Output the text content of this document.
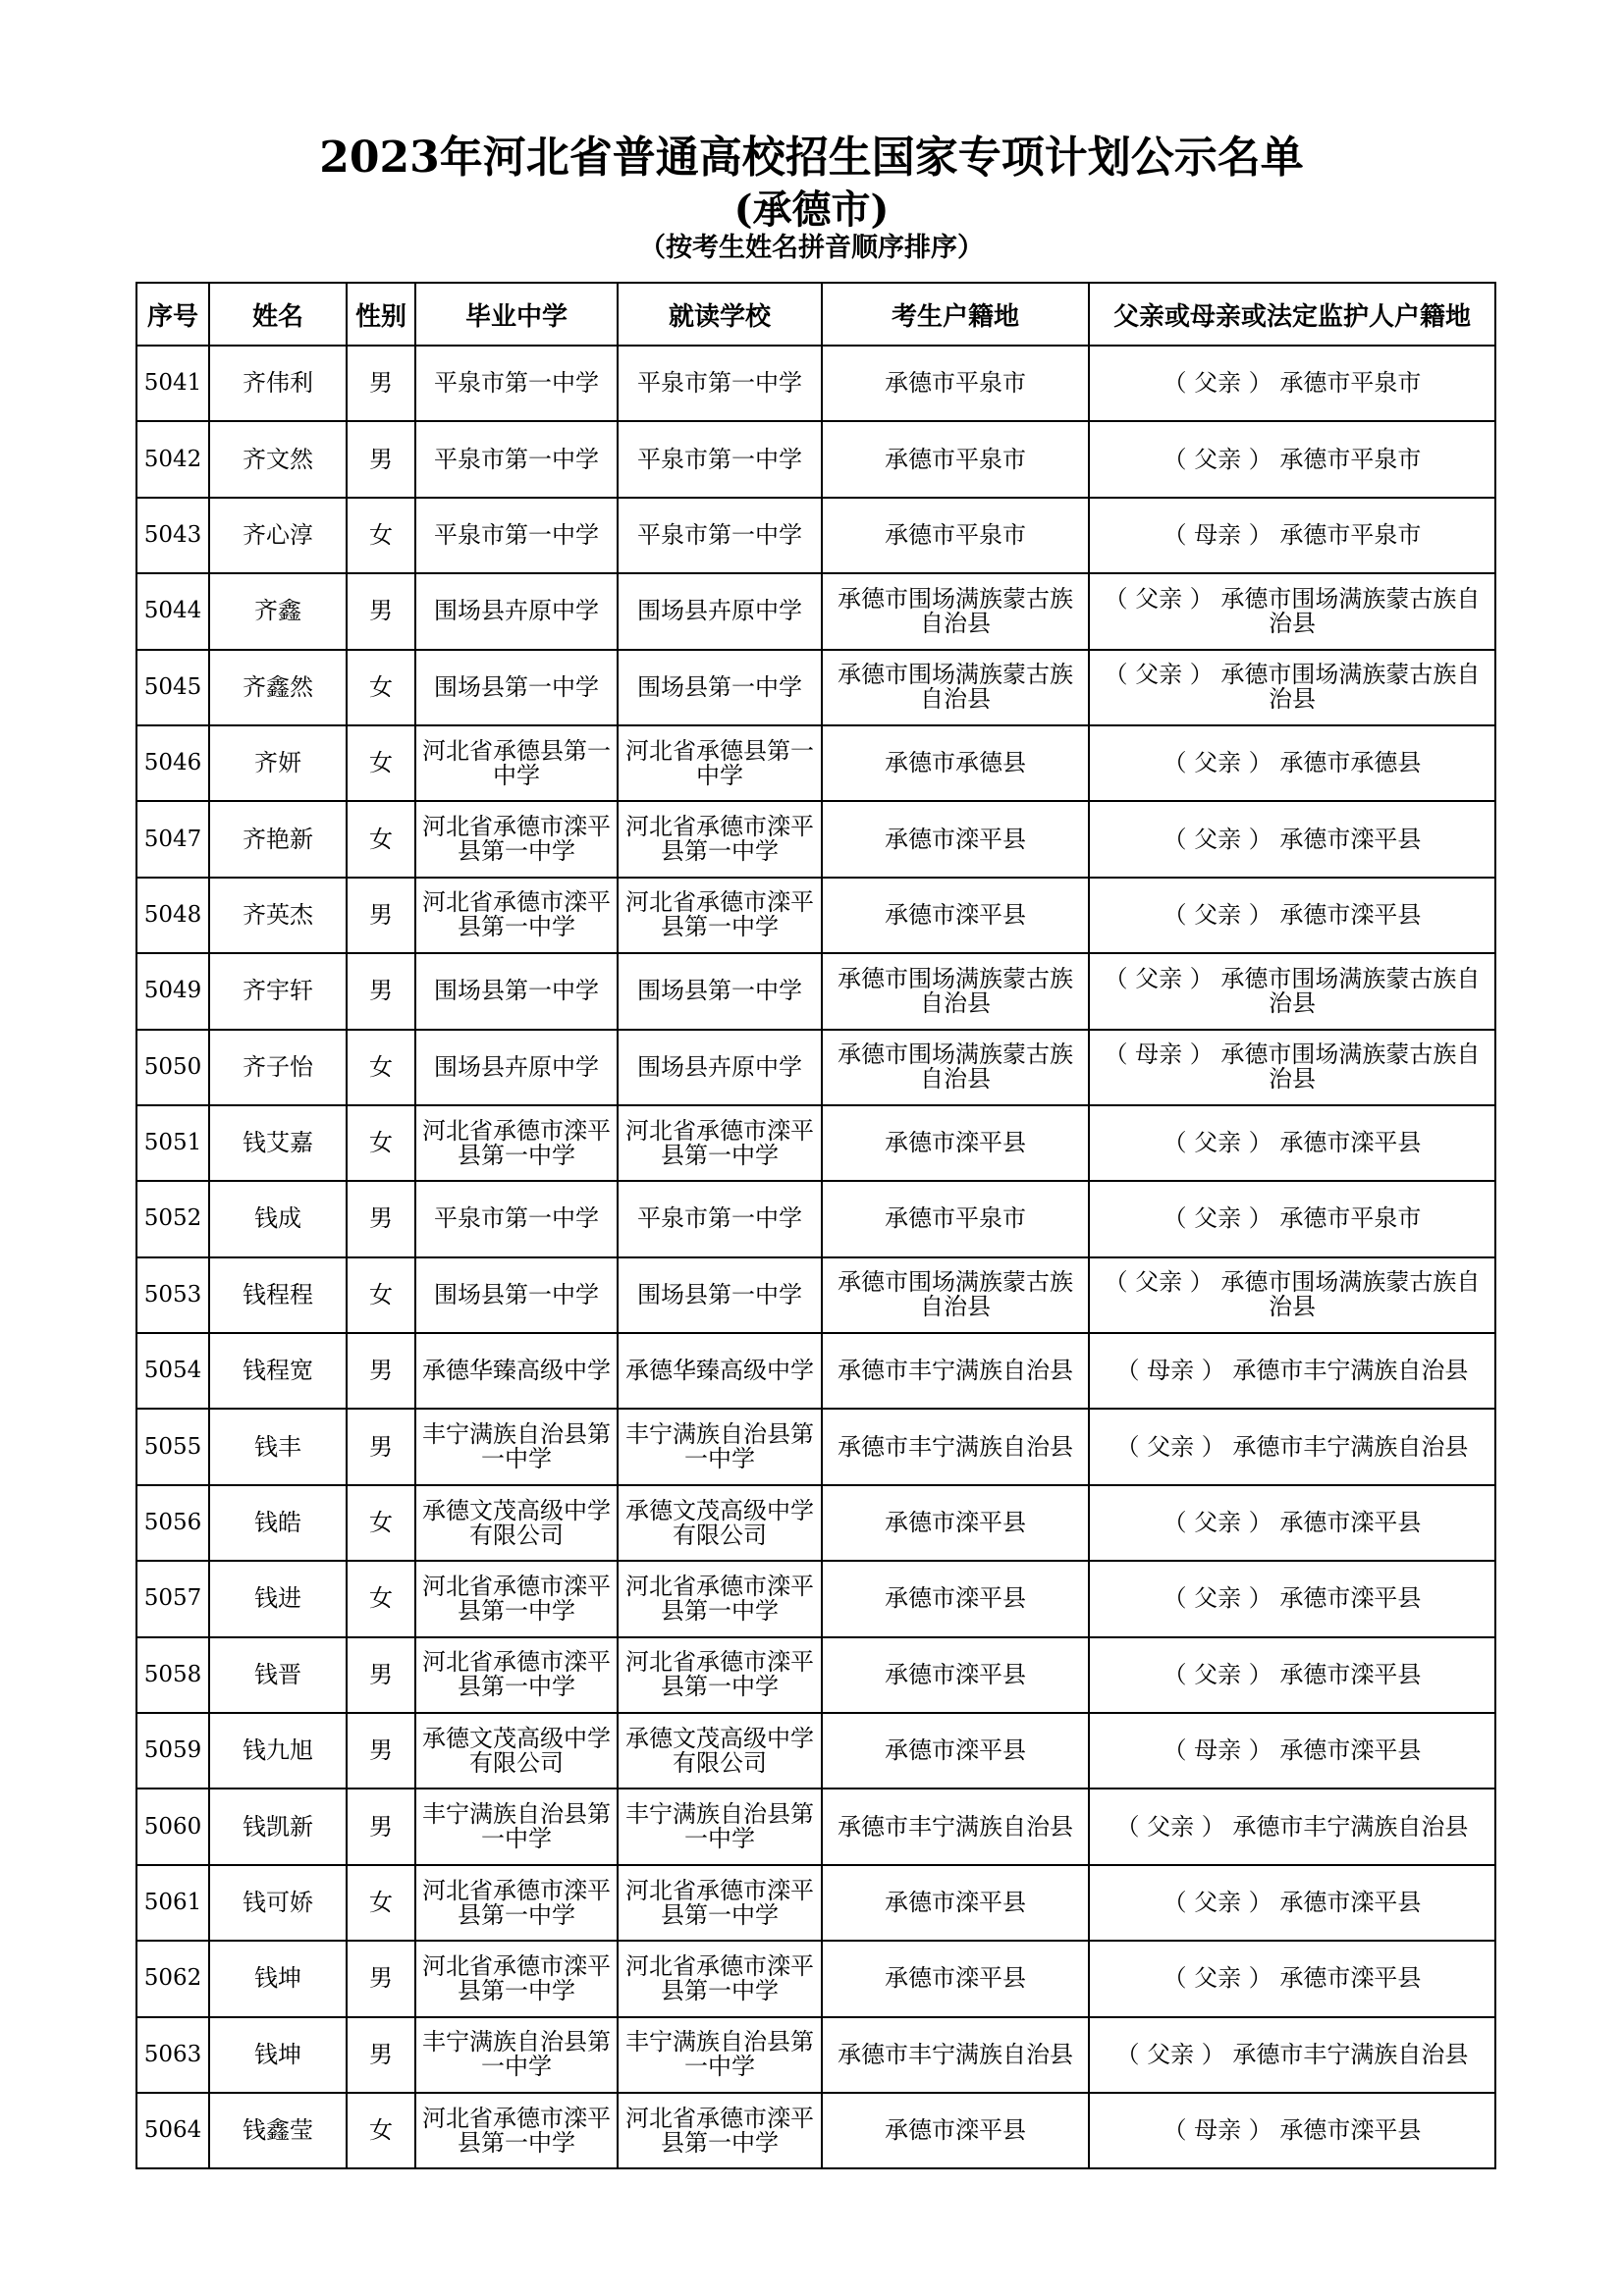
2023年河北省普通高校招生国家专项计划公示名单
(承德市)
（按考生姓名拼音顺序排序）
序号	姓名	性别	毕业中学	就读学校	考生户籍地	父亲或母亲或法定监护人户籍地
5041	齐伟利	男	平泉市第一中学	平泉市第一中学	承德市平泉市	（ 父亲 ） 承德市平泉市
5042	齐文然	男	平泉市第一中学	平泉市第一中学	承德市平泉市	（ 父亲 ） 承德市平泉市
5043	齐心淳	女	平泉市第一中学	平泉市第一中学	承德市平泉市	（ 母亲 ） 承德市平泉市
5044	齐鑫	男	围场县卉原中学	围场县卉原中学	承德市围场满族蒙古族自治县	（ 父亲 ） 承德市围场满族蒙古族自治县
5045	齐鑫然	女	围场县第一中学	围场县第一中学	承德市围场满族蒙古族自治县	（ 父亲 ） 承德市围场满族蒙古族自治县
5046	齐妍	女	河北省承德县第一中学	河北省承德县第一中学	承德市承德县	（ 父亲 ） 承德市承德县
5047	齐艳新	女	河北省承德市滦平县第一中学	河北省承德市滦平县第一中学	承德市滦平县	（ 父亲 ） 承德市滦平县
5048	齐英杰	男	河北省承德市滦平县第一中学	河北省承德市滦平县第一中学	承德市滦平县	（ 父亲 ） 承德市滦平县
5049	齐宇轩	男	围场县第一中学	围场县第一中学	承德市围场满族蒙古族自治县	（ 父亲 ） 承德市围场满族蒙古族自治县
5050	齐子怡	女	围场县卉原中学	围场县卉原中学	承德市围场满族蒙古族自治县	（ 母亲 ） 承德市围场满族蒙古族自治县
5051	钱艾嘉	女	河北省承德市滦平县第一中学	河北省承德市滦平县第一中学	承德市滦平县	（ 父亲 ） 承德市滦平县
5052	钱成	男	平泉市第一中学	平泉市第一中学	承德市平泉市	（ 父亲 ） 承德市平泉市
5053	钱程程	女	围场县第一中学	围场县第一中学	承德市围场满族蒙古族自治县	（ 父亲 ） 承德市围场满族蒙古族自治县
5054	钱程宽	男	承德华臻高级中学	承德华臻高级中学	承德市丰宁满族自治县	（ 母亲 ） 承德市丰宁满族自治县
5055	钱丰	男	丰宁满族自治县第一中学	丰宁满族自治县第一中学	承德市丰宁满族自治县	（ 父亲 ） 承德市丰宁满族自治县
5056	钱皓	女	承德文茂高级中学有限公司	承德文茂高级中学有限公司	承德市滦平县	（ 父亲 ） 承德市滦平县
5057	钱进	女	河北省承德市滦平县第一中学	河北省承德市滦平县第一中学	承德市滦平县	（ 父亲 ） 承德市滦平县
5058	钱晋	男	河北省承德市滦平县第一中学	河北省承德市滦平县第一中学	承德市滦平县	（ 父亲 ） 承德市滦平县
5059	钱九旭	男	承德文茂高级中学有限公司	承德文茂高级中学有限公司	承德市滦平县	（ 母亲 ） 承德市滦平县
5060	钱凯新	男	丰宁满族自治县第一中学	丰宁满族自治县第一中学	承德市丰宁满族自治县	（ 父亲 ） 承德市丰宁满族自治县
5061	钱可娇	女	河北省承德市滦平县第一中学	河北省承德市滦平县第一中学	承德市滦平县	（ 父亲 ） 承德市滦平县
5062	钱坤	男	河北省承德市滦平县第一中学	河北省承德市滦平县第一中学	承德市滦平县	（ 父亲 ） 承德市滦平县
5063	钱坤	男	丰宁满族自治县第一中学	丰宁满族自治县第一中学	承德市丰宁满族自治县	（ 父亲 ） 承德市丰宁满族自治县
5064	钱鑫莹	女	河北省承德市滦平县第一中学	河北省承德市滦平县第一中学	承德市滦平县	（ 母亲 ） 承德市滦平县
